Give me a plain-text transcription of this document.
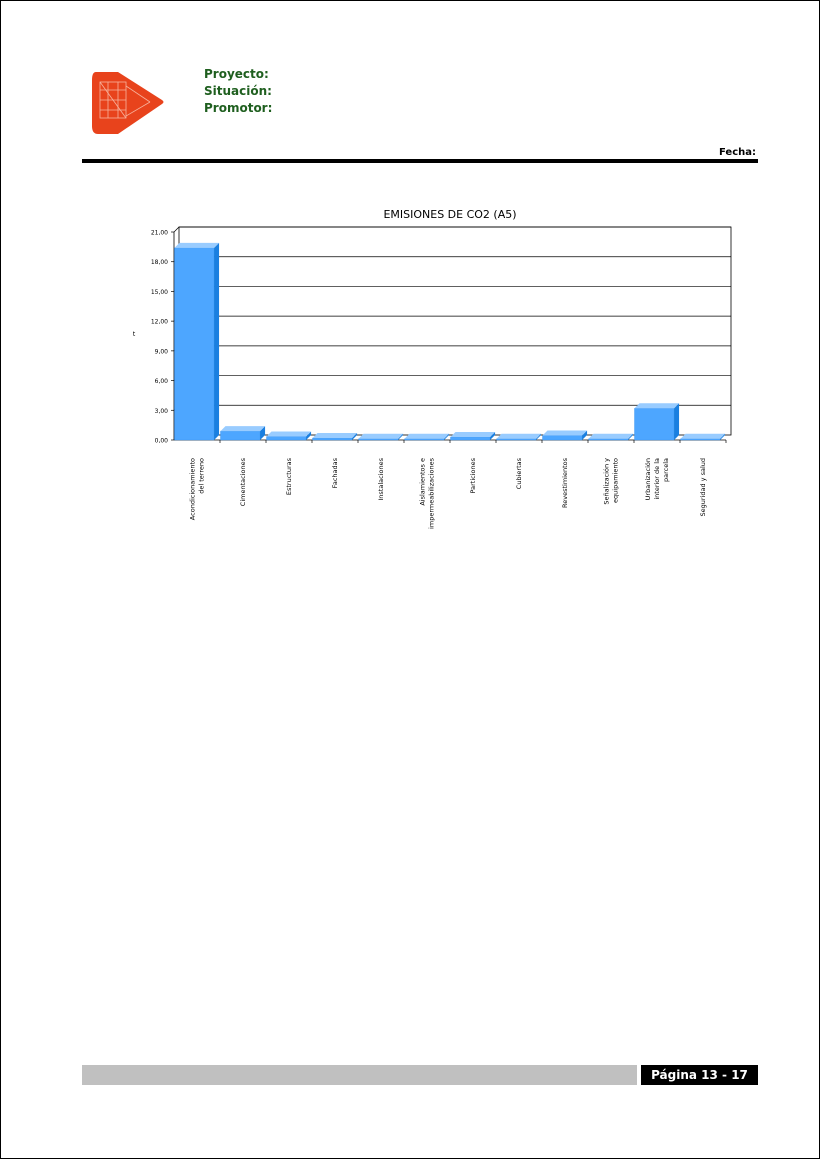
Proyecto:
Situación:
Promotor:
Fecha:
EMISIONES DE CO2 (A5)
0,00
3,00
6,00
9,00
12,00
15,00
18,00
21,00
t
Acondicionamiento del terreno	Cimentaciones	Estructuras	Fachadas	Instalaciones	Aislamientos e impermeabilizaciones	Particiones	Cubiertas	Revestimientos	Señalización y equipamiento	Urbanización interior de la parcela	Seguridad y salud
Página 13 - 17
